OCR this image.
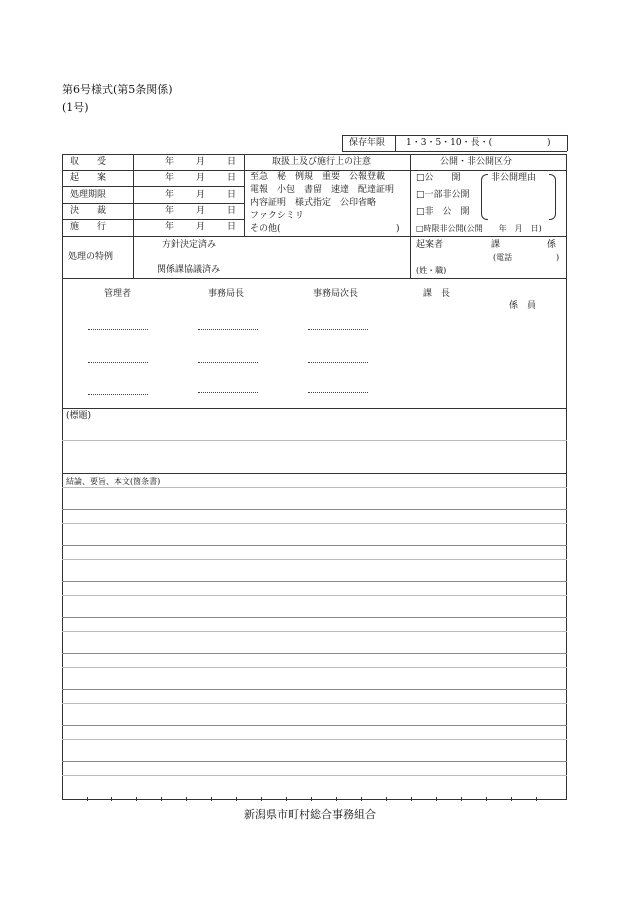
第6号様式(第5条関係)
(1号)
保存年限 1・3・5・10・長・(	)
収　　受	年 月 日
起　　案	年 月 日
処理期限	年 月 日
決　　裁	年 月 日
施　　行	年 月 日
取扱上及び施行上の注意
至急　秘　例規　重要　公報登載
電報　小包　書留　速達　配達証明
内容証明　様式指定　公印省略
ファクシミリ
その他(	)
公開・非公開区分
□公　　開
□一部非公開
□非　公　開
□時限非公開(公開　　年　月　日)
非公開理由
処理の特例
方針決定済み
関係課協議済み
起案者	課	係
(電話	)
(姓・職)
管理者	事務局長	事務局次長	課　長
係　員
(標題)
結論、要旨、本文(箇条書)
新潟県市町村総合事務組合
